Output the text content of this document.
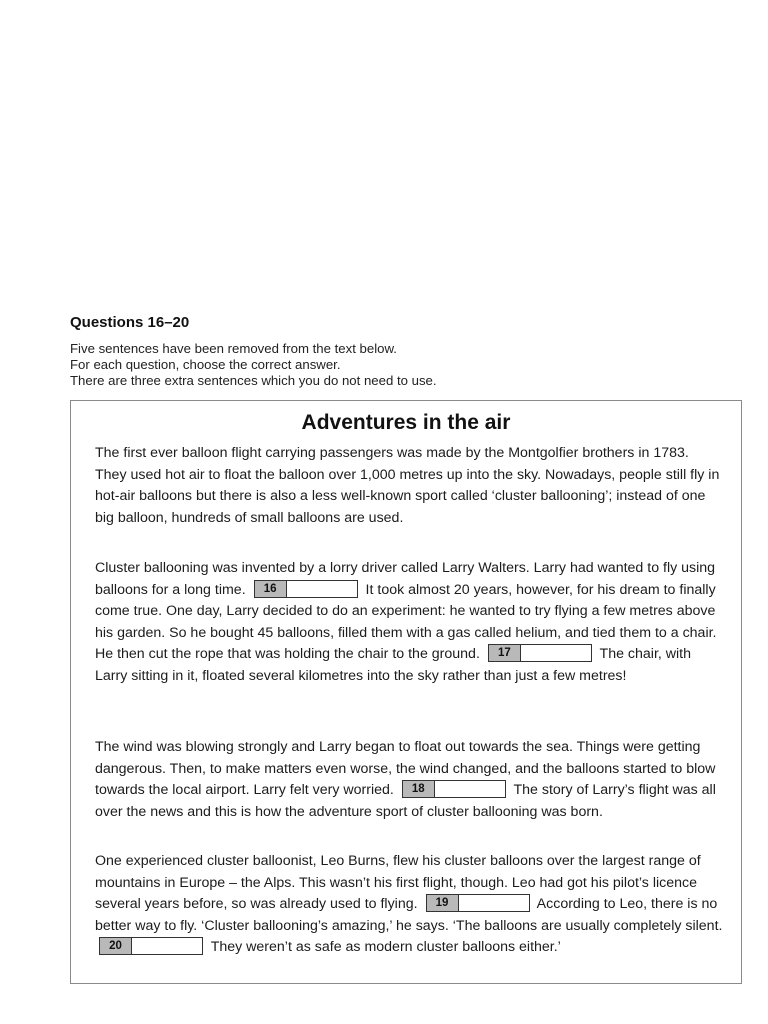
Questions 16–20
Five sentences have been removed from the text below.
For each question, choose the correct answer.
There are three extra sentences which you do not need to use.
Adventures in the air

The first ever balloon flight carrying passengers was made by the Montgolfier brothers in 1783. They used hot air to float the balloon over 1,000 metres up into the sky. Nowadays, people still fly in hot-air balloons but there is also a less well-known sport called ‘cluster ballooning’; instead of one big balloon, hundreds of small balloons are used.

Cluster ballooning was invented by a lorry driver called Larry Walters. Larry had wanted to fly using balloons for a long time.	16	It took almost 20 years, however, for his dream to finally come true. One day, Larry decided to do an experiment: he wanted to try flying a few metres above his garden. So he bought 45 balloons, filled them with a gas called helium, and tied them to a chair. He then cut the rope that was holding the chair to the ground.	17	The chair, with Larry sitting in it, floated several kilometres into the sky rather than just a few metres!

The wind was blowing strongly and Larry began to float out towards the sea. Things were getting dangerous. Then, to make matters even worse, the wind changed, and the balloons started to blow towards the local airport. Larry felt very worried.	18	The story of Larry’s flight was all over the news and this is how the adventure sport of cluster ballooning was born.

One experienced cluster balloonist, Leo Burns, flew his cluster balloons over the largest range of mountains in Europe – the Alps. This wasn’t his first flight, though. Leo had got his pilot’s licence several years before, so was already used to flying.	19	According to Leo, there is no better way to fly. ‘Cluster ballooning’s amazing,’ he says. ‘The balloons are usually completely silent.
20	They weren’t as safe as modern cluster balloons either.’
